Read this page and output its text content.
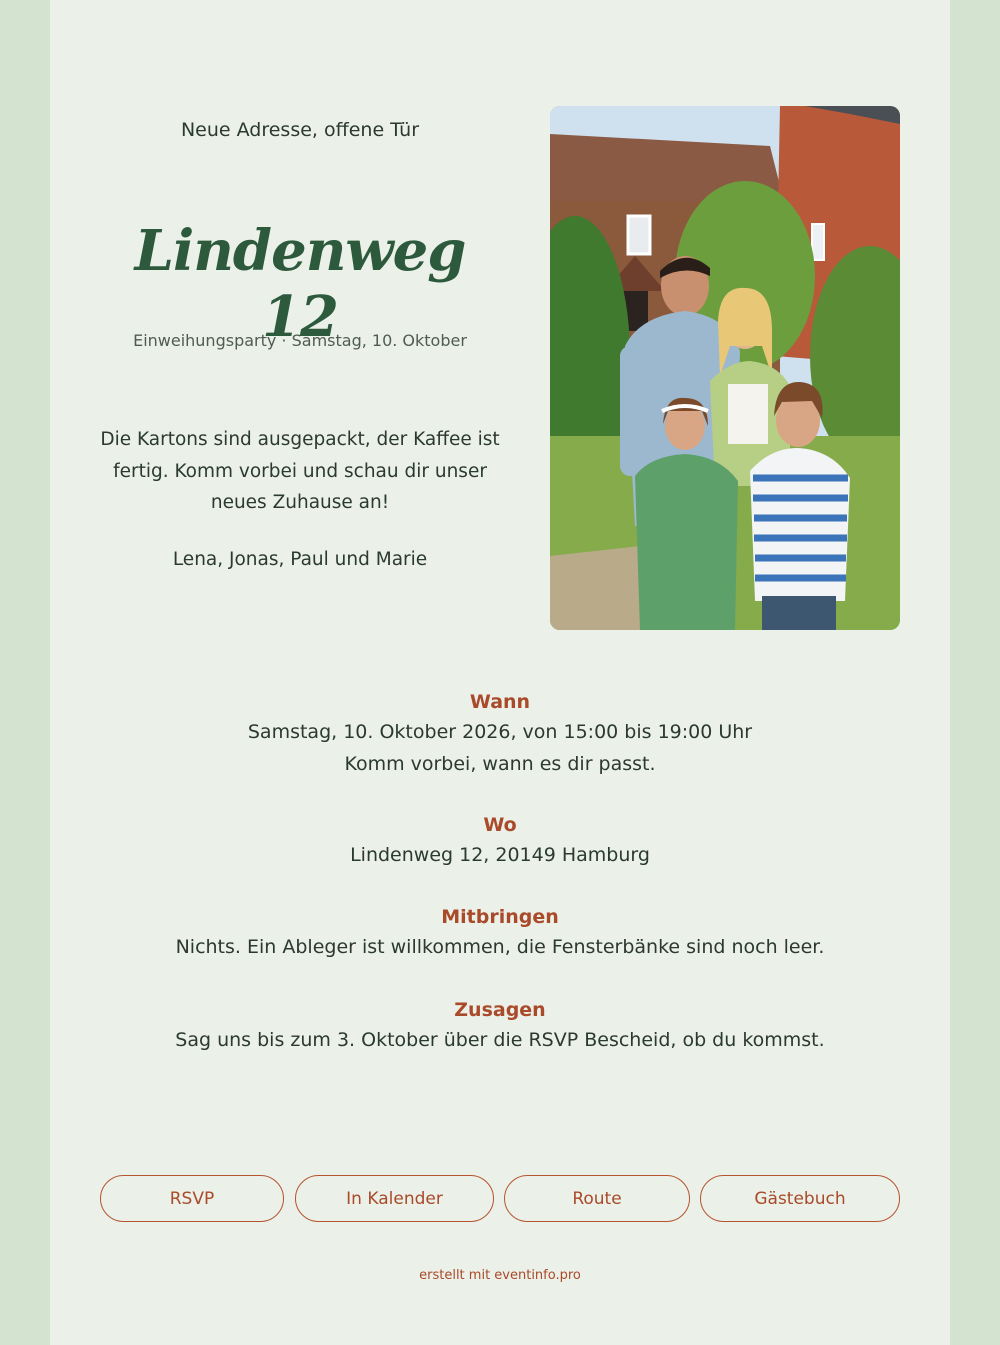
Neue Adresse, offene Tür
Lindenweg 12
Einweihungsparty · Samstag, 10. Oktober
Die Kartons sind ausgepackt, der Kaffee ist fertig. Komm vorbei und schau dir unser neues Zuhause an!
Lena, Jonas, Paul und Marie
Wann

Samstag, 10. Oktober 2026, von 15:00 bis 19:00 Uhr

Komm vorbei, wann es dir passt.

Wo

Lindenweg 12, 20149 Hamburg

Mitbringen

Nichts. Ein Ableger ist willkommen, die Fensterbänke sind noch leer.

Zusagen

Sag uns bis zum 3. Oktober über die RSVP Bescheid, ob du kommst.

RSVP	In Kalender	Route	Gästebuch
erstellt mit eventinfo.pro
